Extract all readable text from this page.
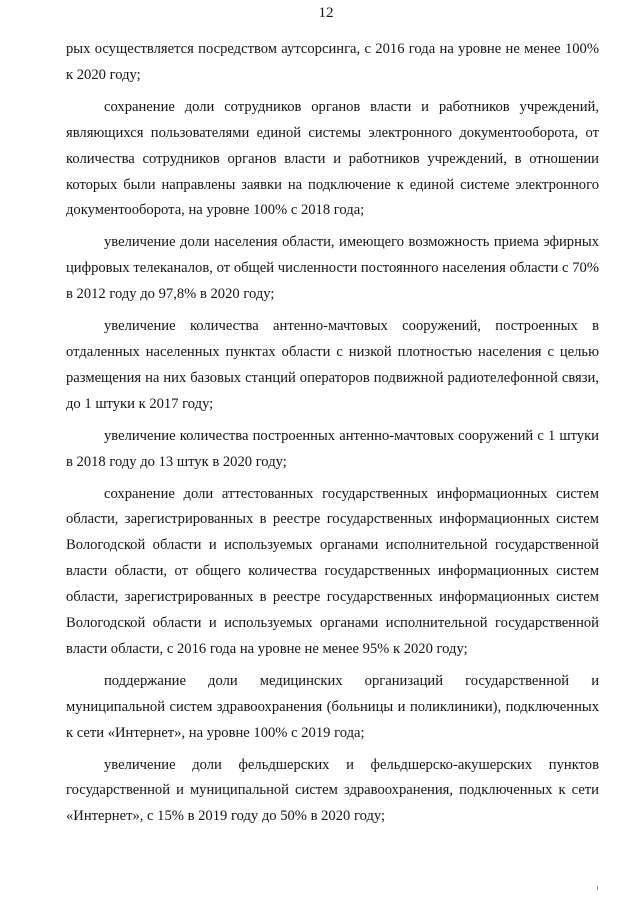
12

рых осуществляется посредством аутсорсинга, с 2016 года на уровне не менее 100% к 2020 году;

сохранение доли сотрудников органов власти и работников учреждений, являющихся пользователями единой системы электронного документооборота, от количества сотрудников органов власти и работников учреждений, в отношении которых были направлены заявки на подключение к единой системе электронного документооборота, на уровне 100% с 2018 года;

увеличение доли населения области, имеющего возможность приема эфирных цифровых телеканалов, от общей численности постоянного населения области с 70% в 2012 году до 97,8% в 2020 году;

увеличение количества антенно-мачтовых сооружений, построенных в отдаленных населенных пунктах области с низкой плотностью населения с целью размещения на них базовых станций операторов подвижной радиотелефонной связи, до 1 штуки к 2017 году;

увеличение количества построенных антенно-мачтовых сооружений с 1 штуки в 2018 году до 13 штук в 2020 году;

сохранение доли аттестованных государственных информационных систем области, зарегистрированных в реестре государственных информационных систем Вологодской области и используемых органами исполнительной государственной власти области, от общего количества государственных информационных систем области, зарегистрированных в реестре государственных информационных систем Вологодской области и используемых органами исполнительной государственной власти области, с 2016 года на уровне не менее 95% к 2020 году;

поддержание доли медицинских организаций государственной и муниципальной систем здравоохранения (больницы и поликлиники), подключенных к сети «Интернет», на уровне 100% с 2019 года;

увеличение доли фельдшерских и фельдшерско-акушерских пунктов государственной и муниципальной систем здравоохранения, подключенных к сети «Интернет», с 15% в 2019 году до 50% в 2020 году;
